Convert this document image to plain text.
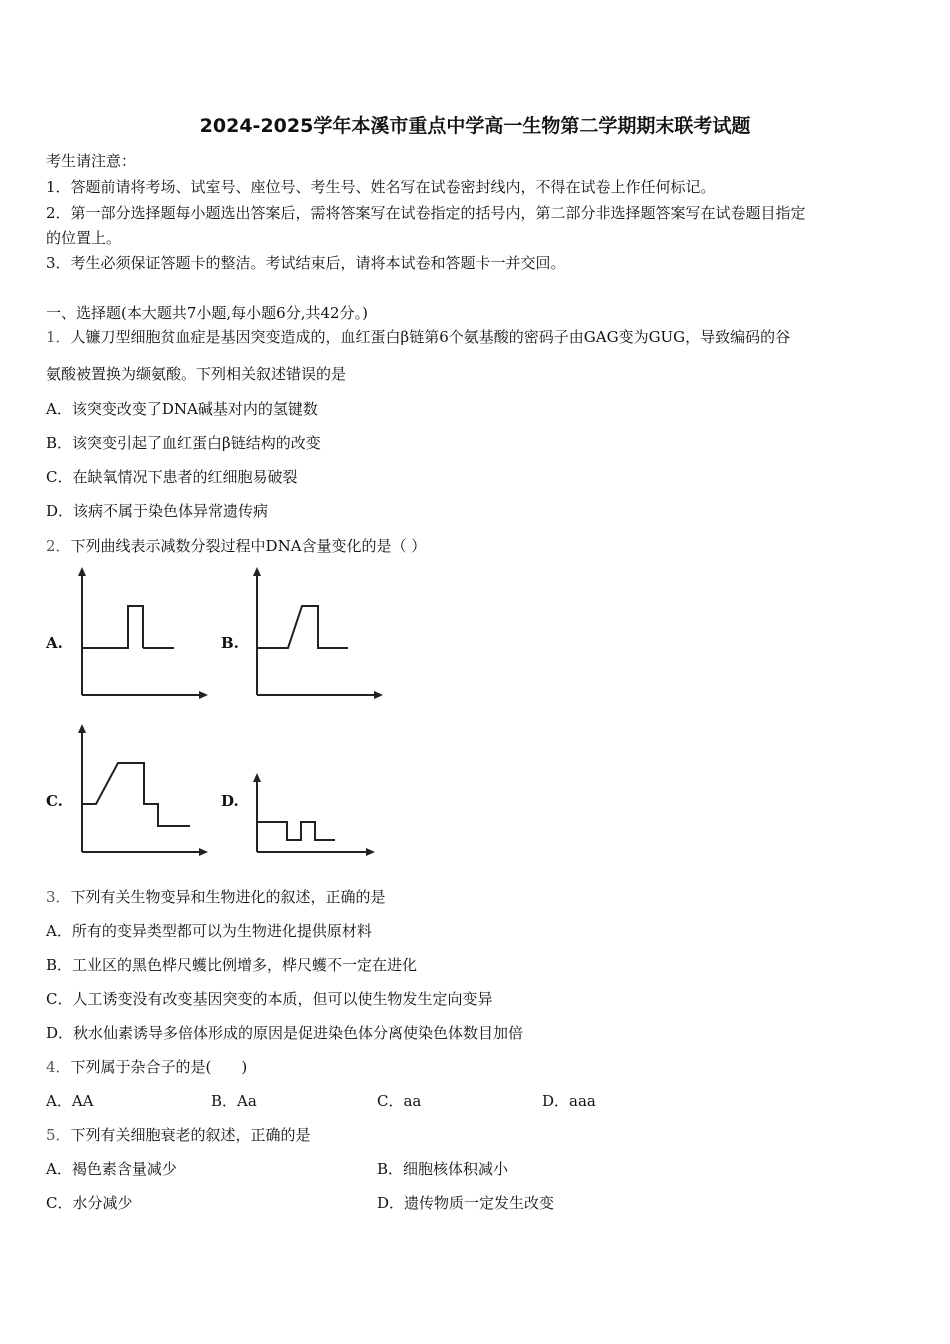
2024-2025学年本溪市重点中学高一生物第二学期期末联考试题
考生请注意：
1．答题前请将考场、试室号、座位号、考生号、姓名写在试卷密封线内，不得在试卷上作任何标记。
2．第一部分选择题每小题选出答案后，需将答案写在试卷指定的括号内，第二部分非选择题答案写在试卷题目指定
的位置上。
3．考生必须保证答题卡的整洁。考试结束后，请将本试卷和答题卡一并交回。
一、选择题(本大题共7小题,每小题6分,共42分。)
1．人镰刀型细胞贫血症是基因突变造成的，血红蛋白β链第6个氨基酸的密码子由GAG变为GUG，导致编码的谷
氨酸被置换为缬氨酸。下列相关叙述错误的是
A．该突变改变了DNA碱基对内的氢键数
B．该突变引起了血红蛋白β链结构的改变
C．在缺氧情况下患者的红细胞易破裂
D．该病不属于染色体异常遗传病
2．下列曲线表示减数分裂过程中DNA含量变化的是（ ）
A.	B.
C.	D.
3．下列有关生物变异和生物进化的叙述，正确的是
A．所有的变异类型都可以为生物进化提供原材料
B．工业区的黑色桦尺蠖比例增多，桦尺蠖不一定在进化
C．人工诱变没有改变基因突变的本质，但可以使生物发生定向变异
D．秋水仙素诱导多倍体形成的原因是促进染色体分离使染色体数目加倍
4．下列属于杂合子的是(　　)
A．AA	B．Aa	C．aa	D．aaa
5．下列有关细胞衰老的叙述，正确的是
A．褐色素含量减少	B．细胞核体积减小
C．水分减少	D．遗传物质一定发生改变
